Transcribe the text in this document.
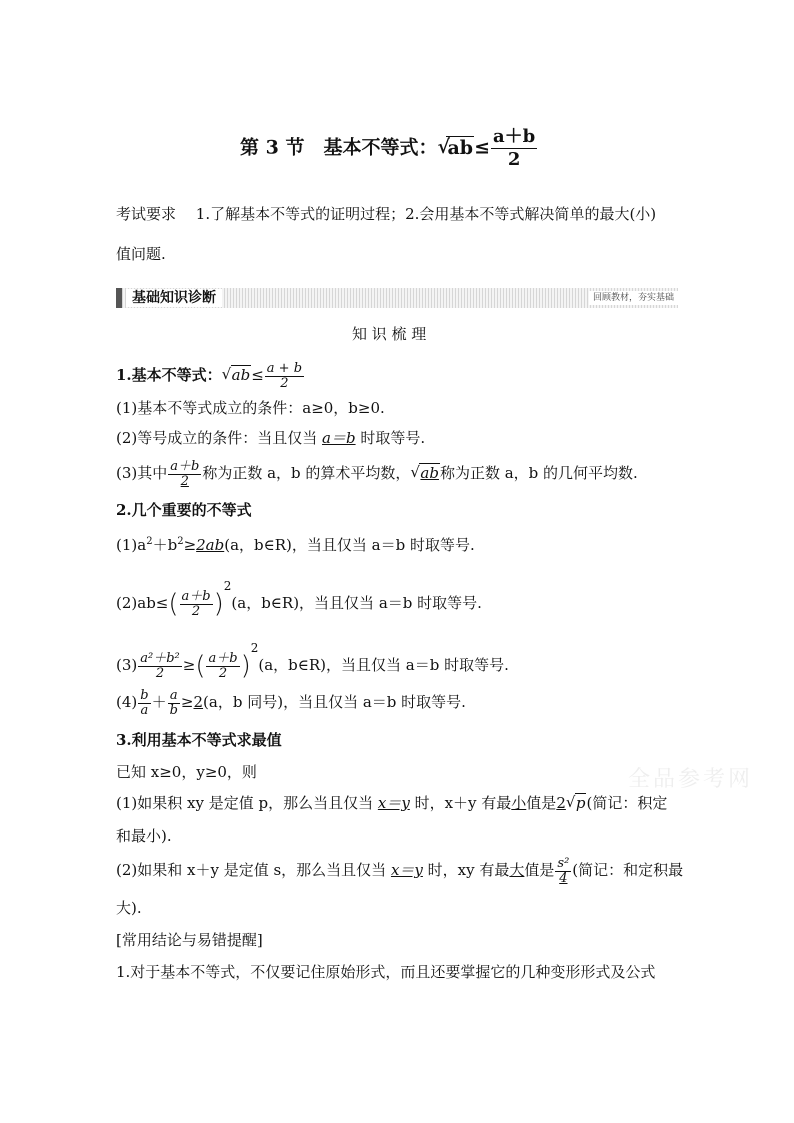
第 3 节　基本不等式： √
$ab\le \frac{a+b}{2}$
考试要求　 1.了解基本不等式的证明过程；2.会用基本不等式解决简单的最大(小)
值问题.
基础知识诊断	回顾教材，夯实基础
知 识 梳 理
1.基本不等式： √ $ab\le \frac{a + b}{2}$
(1)基本不等式成立的条件：a≥0，b≥0.
(2)等号成立的条件：当且仅当 a＝b 时取等号.
(3)其中 $\frac{a+b}{2}$ 称为正数 a，b 的算术平均数， √ ab称为正数 a，b 的几何平均数.
2.几个重要的不等式
$(1)a^2+b^2\ge 2ab(a$，b∈R)，当且仅当 a＝b 时取等号.
$(2)ab\le( \frac{a+b}{2} )^2(a$，b∈R)，当且仅当 a＝b 时取等号.
$(3) \frac{\text{a²＋b²}}{2}$ ≥( $\frac{a+b}{2} )^2(a$，b∈R)，当且仅当 a＝b 时取等号.
$(4) \frac{b}{a} + \frac{a}{b} \ge 2(a$，b 同号)，当且仅当 a＝b 时取等号.
3.利用基本不等式求最值
已知 x≥0，y≥0，则
(1)如果积 xy 是定值 p，那么当且仅当 x＝y 时，x＋y 有最小值是2 √ p(简记：积定
和最小).
(2)如果和 x＋y 是定值 s，那么当且仅当 x＝y 时，xy 有最大值是 $\frac{\text{s²}}{4}$ (简记：和定积最
大).
[常用结论与易错提醒]
1.对于基本不等式，不仅要记住原始形式，而且还要掌握它的几种变形形式及公式
全品参考网
